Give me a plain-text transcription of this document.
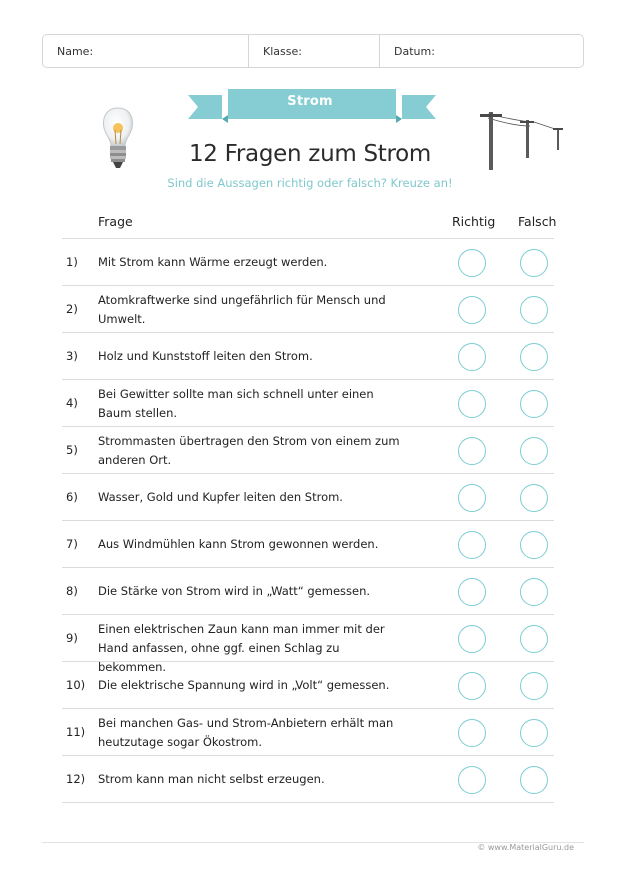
Name:	Klasse:	Datum:
Strom
12 Fragen zum Strom
Sind die Aussagen richtig oder falsch? Kreuze an!
Frage	Richtig Falsch
1) Mit Strom kann Wärme erzeugt werden.
2)
Atomkraftwerke sind ungefährlich für Mensch und Umwelt.
3) Holz und Kunststoff leiten den Strom.
4)
Bei Gewitter sollte man sich schnell unter einen Baum stellen.
5)
Strommasten übertragen den Strom von einem zum anderen Ort.
6) Wasser, Gold und Kupfer leiten den Strom.
7) Aus Windmühlen kann Strom gewonnen werden.
8) Die Stärke von Strom wird in „Watt“ gemessen.
9)
Einen elektrischen Zaun kann man immer mit der Hand anfassen, ohne ggf. einen Schlag zu bekommen.
10) Die elektrische Spannung wird in „Volt“ gemessen.
11)
Bei manchen Gas- und Strom-Anbietern erhält man heutzutage sogar Ökostrom.
12) Strom kann man nicht selbst erzeugen.
© www.MaterialGuru.de
